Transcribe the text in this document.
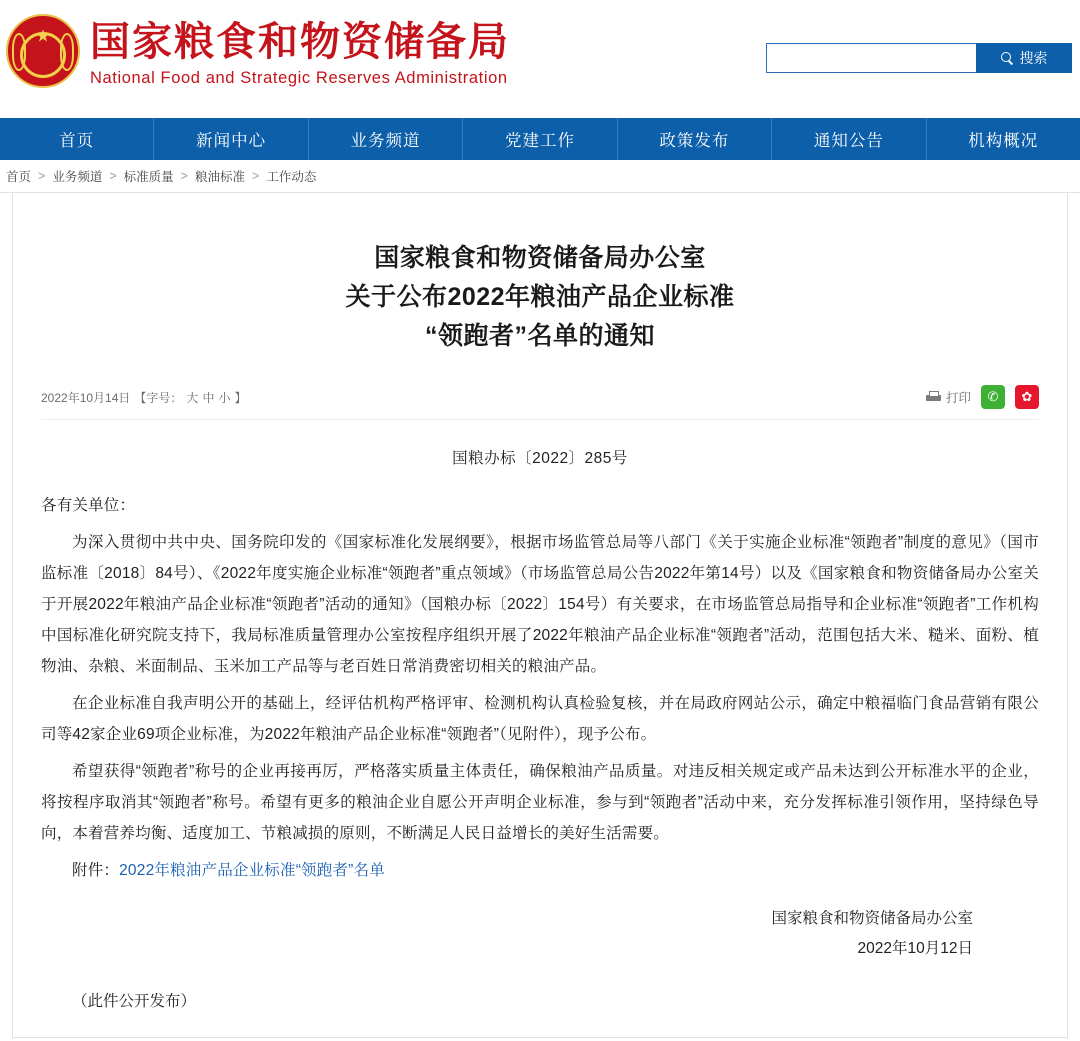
★ 国家粮食和物资储备局
National Food and Strategic Reserves Administration
搜索
首页	新闻中心	业务频道	党建工作	政策发布	通知公告	机构概况
首页 > 业务频道 > 标准质量 > 粮油标准 > 工作动态
国家粮食和物资储备局办公室
关于公布2022年粮油产品企业标准
“领跑者”名单的通知
2022年10月14日 【字号： 大 中 小 】	打印	✆	✿
国粮办标〔2022〕285号

各有关单位：

为深入贯彻中共中央、国务院印发的《国家标准化发展纲要》，根据市场监管总局等八部门《关于实施企业标准“领跑者”制度的意见》（国市监标准〔2018〕84号）、《2022年度实施企业标准“领跑者”重点领域》（市场监管总局公告2022年第14号）以及《国家粮食和物资储备局办公室关于开展2022年粮油产品企业标准“领跑者”活动的通知》（国粮办标〔2022〕154号）有关要求，在市场监管总局指导和企业标准“领跑者”工作机构中国标准化研究院支持下，我局标准质量管理办公室按程序组织开展了2022年粮油产品企业标准“领跑者”活动，范围包括大米、糙米、面粉、植物油、杂粮、米面制品、玉米加工产品等与老百姓日常消费密切相关的粮油产品。

在企业标准自我声明公开的基础上，经评估机构严格评审、检测机构认真检验复核，并在局政府网站公示，确定中粮福临门食品营销有限公司等42家企业69项企业标准，为2022年粮油产品企业标准“领跑者”（见附件），现予公布。

希望获得“领跑者”称号的企业再接再厉，严格落实质量主体责任，确保粮油产品质量。对违反相关规定或产品未达到公开标准水平的企业，将按程序取消其“领跑者”称号。希望有更多的粮油企业自愿公开声明企业标准，参与到“领跑者”活动中来，充分发挥标准引领作用，坚持绿色导向，本着营养均衡、适度加工、节粮减损的原则，不断满足人民日益增长的美好生活需要。

附件：2022年粮油产品企业标准“领跑者”名单

国家粮食和物资储备局办公室
2022年10月12日
（此件公开发布）
